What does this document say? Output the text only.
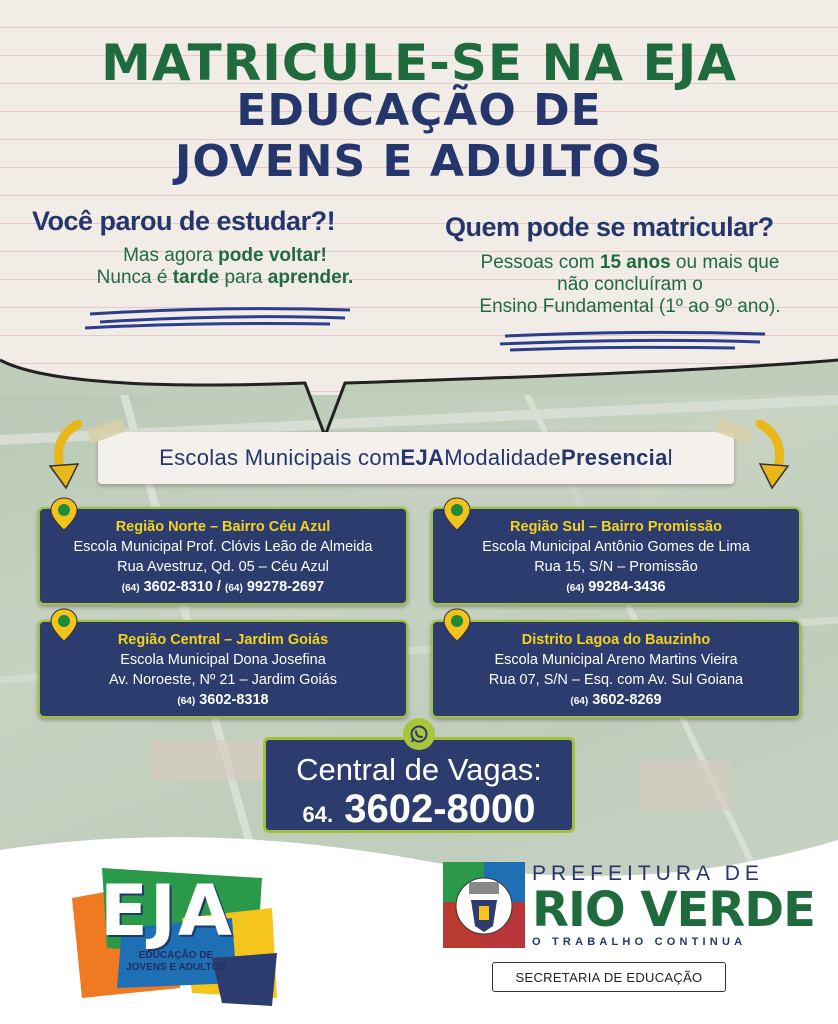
MATRICULE-SE NA EJA
EDUCAÇÃO DE
JOVENS E ADULTOS
Você parou de estudar?!
Mas agora pode voltar!
Nunca é tarde para aprender.
Quem pode se matricular?
Pessoas com 15 anos ou mais que
não concluíram o
Ensino Fundamental (1º ao 9º ano).
Escolas Municipais com EJA Modalidade Presencia l
Região Norte – Bairro Céu Azul
Escola Municipal Prof. Clóvis Leão de Almeida
Rua Avestruz, Qd. 05 – Céu Azul
(64) 3602-8310 / (64) 99278-2697
Região Sul – Bairro Promissão
Escola Municipal Antônio Gomes de Lima
Rua 15, S/N – Promissão
(64) 99284-3436
Região Central – Jardim Goiás
Escola Municipal Dona Josefina
Av. Noroeste, Nº 21 – Jardim Goiás
(64) 3602-8318
Distrito Lagoa do Bauzinho
Escola Municipal Areno Martins Vieira
Rua 07, S/N – Esq. com Av. Sul Goiana
(64) 3602-8269
Central de Vagas:
64. 3602-8000
EJA
EDUCAÇÃO DE
JOVENS E ADULTOS
PREFEITURA DE
RIO VERDE
O TRABALHO CONTINUA
SECRETARIA DE EDUCAÇÃO
